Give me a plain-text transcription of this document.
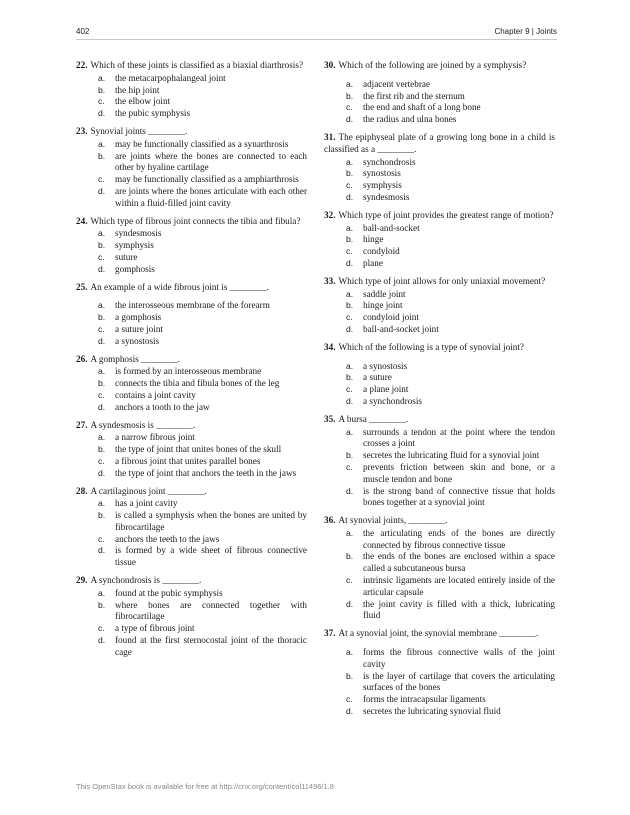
402	Chapter 9 | Joints

22. Which of these joints is classified as a biaxial diarthrosis?

a.	the metacarpophalangeal joint
b.	the hip joint
c.	the elbow joint
d.	the pubic symphysis

23. Synovial joints ________.

a.	may be functionally classified as a synarthrosis
b.	are joints where the bones are connected to each other by hyaline cartilage
c.	may be functionally classified as a amphiarthrosis
d.	are joints where the bones articulate with each other within a fluid-filled joint cavity

24. Which type of fibrous joint connects the tibia and fibula?

a.	syndesmosis
b.	symphysis
c.	suture
d.	gomphosis

25. An example of a wide fibrous joint is ________.

a.	the interosseous membrane of the forearm
b.	a gomphosis
c.	a suture joint
d.	a synostosis

26. A gomphosis ________.

a.	is formed by an interosseous membrane
b.	connects the tibia and fibula bones of the leg
c.	contains a joint cavity
d.	anchors a tooth to the jaw

27. A syndesmosis is ________.

a.	a narrow fibrous joint
b.	the type of joint that unites bones of the skull
c.	a fibrous joint that unites parallel bones
d.	the type of joint that anchors the teeth in the jaws

28. A cartilaginous joint ________.

a.	has a joint cavity
b.	is called a symphysis when the bones are united by fibrocartilage
c.	anchors the teeth to the jaws
d.	is formed by a wide sheet of fibrous connective tissue

29. A synchondrosis is ________.

a.	found at the pubic symphysis
b.	where bones are connected together with fibrocartilage
c.	a type of fibrous joint
d.	found at the first sternocostal joint of the thoracic cage

30. Which of the following are joined by a symphysis?

a.	adjacent vertebrae
b.	the first rib and the sternum
c.	the end and shaft of a long bone
d.	the radius and ulna bones

31. The epiphyseal plate of a growing long bone in a child is classified as a ________.

a.	synchondrosis
b.	synostosis
c.	symphysis
d.	syndesmosis

32. Which type of joint provides the greatest range of motion?

a.	ball-and-socket
b.	hinge
c.	condyloid
d.	plane

33. Which type of joint allows for only uniaxial movement?

a.	saddle joint
b.	hinge joint
c.	condyloid joint
d.	ball-and-socket joint

34. Which of the following is a type of synovial joint?

a.	a synostosis
b.	a suture
c.	a plane joint
d.	a synchondrosis

35. A bursa ________.

a.	surrounds a tendon at the point where the tendon crosses a joint
b.	secretes the lubricating fluid for a synovial joint
c.	prevents friction between skin and bone, or a muscle tendon and bone
d.	is the strong band of connective tissue that holds bones together at a synovial joint

36. At synovial joints, ________.

a.	the articulating ends of the bones are directly connected by fibrous connective tissue
b.	the ends of the bones are enclosed within a space called a subcutaneous bursa
c.	intrinsic ligaments are located entirely inside of the articular capsule
d.	the joint cavity is filled with a thick, lubricating fluid

37. At a synovial joint, the synovial membrane ________.

a.	forms the fibrous connective walls of the joint cavity
b.	is the layer of cartilage that covers the articulating surfaces of the bones
c.	forms the intracapsular ligaments
d.	secretes the lubricating synovial fluid
This OpenStax book is available for free at http://cnx.org/content/col11496/1.8
